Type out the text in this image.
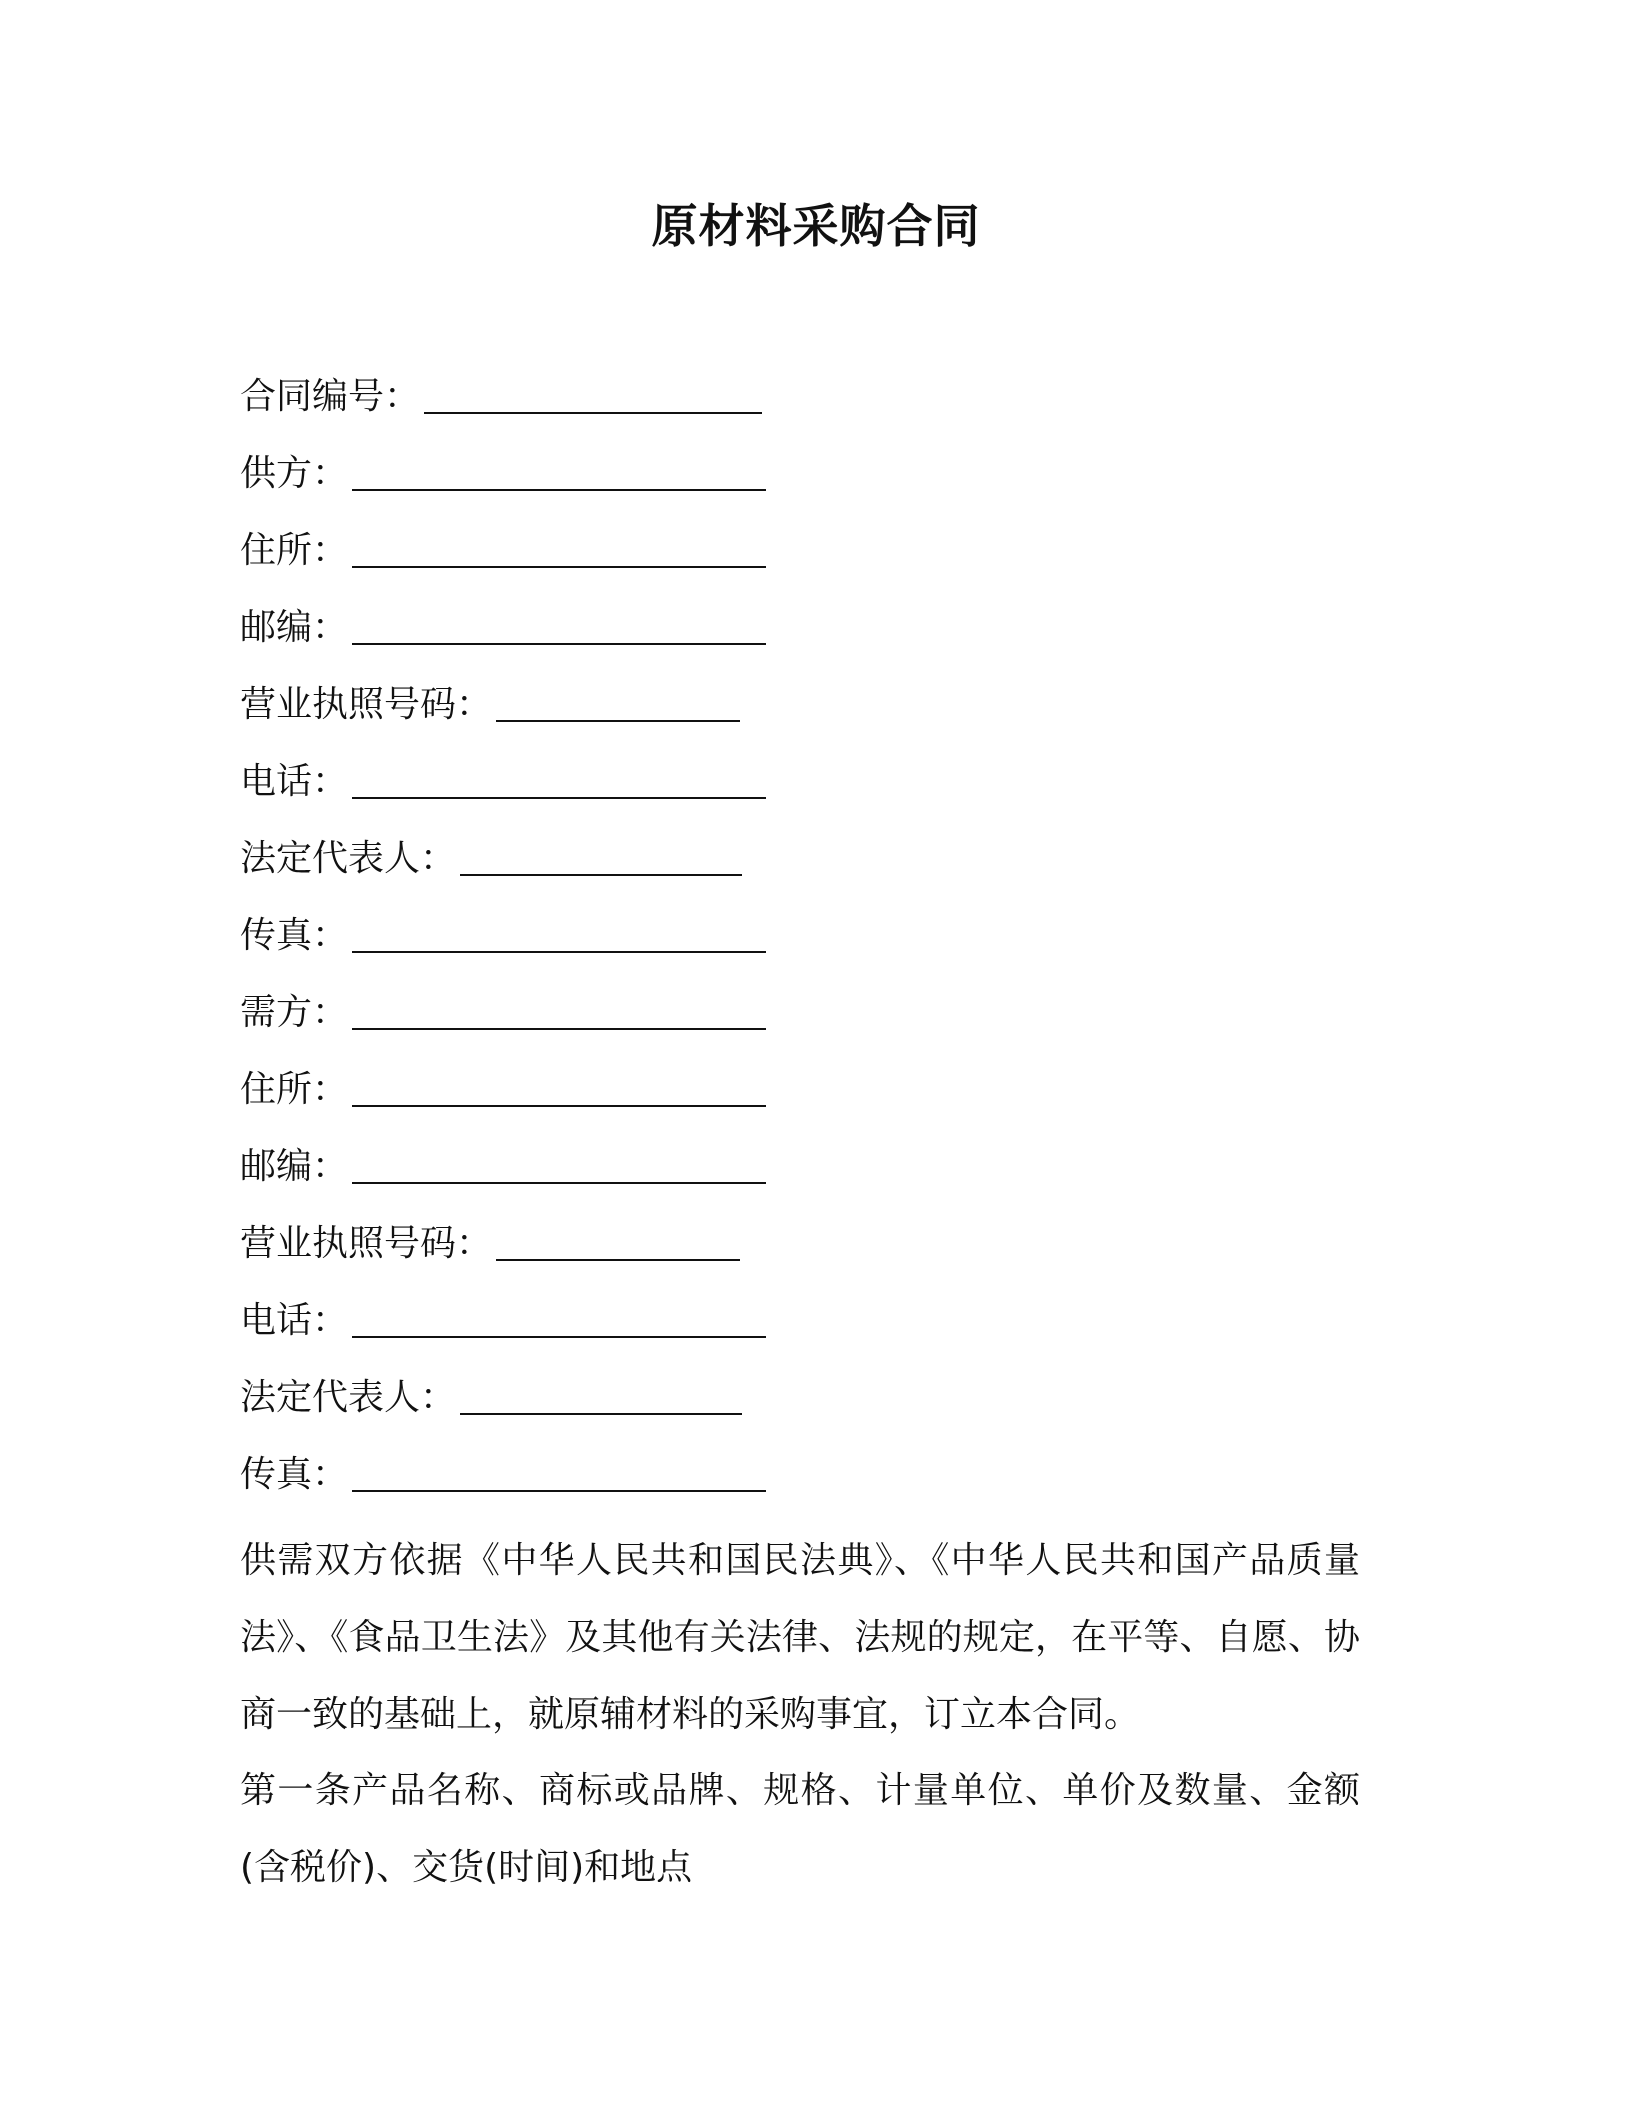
原材料采购合同
合同编号：
供方：
住所：
邮编：
营业执照号码：
电话：
法定代表人：
传真：
需方：
住所：
邮编：
营业执照号码：
电话：
法定代表人：
传真：
供需双方依据《中华人民共和国民法典》、《中华人民共和国产品质量法》、《食品卫生法》及其他有关法律、法规的规定，在平等、自愿、协商一致的基础上，就原辅材料的采购事宜，订立本合同。
第一条产品名称、商标或品牌、规格、计量单位、单价及数量、金额(含税价)、交货(时间)和地点
